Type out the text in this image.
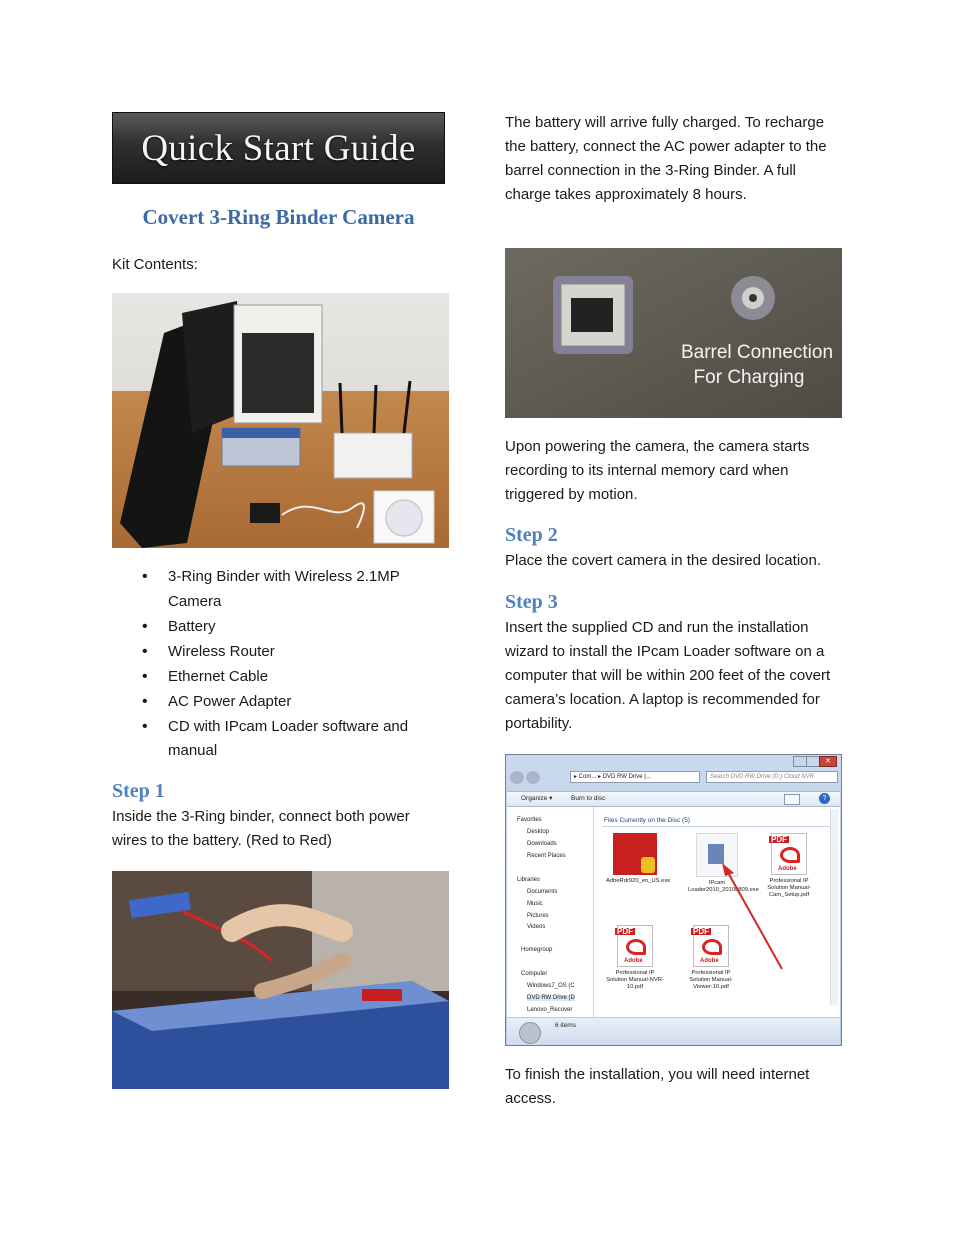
Quick Start Guide
Covert 3-Ring Binder Camera

Kit Contents:

• 3-Ring Binder with Wireless 2.1MP Camera
• Battery
• Wireless Router
• Ethernet Cable
• AC Power Adapter
• CD with IPcam Loader software and manual
Step 1

Inside the 3-Ring binder, connect both power wires to the battery. (Red to Red)

The battery will arrive fully charged. To recharge the battery, connect the AC power adapter to the barrel connection in the 3-Ring Binder. A full charge takes approximately 8 hours.

Barrel Connection
For Charging

Upon powering the camera, the camera starts recording to its internal memory card when triggered by motion.

Step 2

Place the covert camera in the desired location.

Step 3

Insert the supplied CD and run the installation wizard to install the IPcam Loader software on a computer that will be within 200 feet of the covert camera’s location. A laptop is recommended for portability.

✕
▸ Com... ▸ DVD RW Drive (...	Search DVD RW Drive (D:) Cloud NVR
Organize ▾	Burn to disc	?
Favorites
Desktop
Downloads
Recent Places
Libraries
Documents
Music
Pictures
Videos
Homegroup
Computer
Windows7_OS (C
DVD RW Drive (D
Lenovo_Recover
Files Currently on the Disc (5)
AdbeRdr920_en_US.exe	IPcam Loader2010_20100809.exe
PDF
Adobe
Professional IP Solution Manual-Cam_Setup.pdf
PDF
Adobe
Professional IP Solution Manual-NVR-10.pdf
PDF
Adobe
Professional IP Solution Manual-Viewer-10.pdf
6 items

To finish the installation, you will need internet access.
